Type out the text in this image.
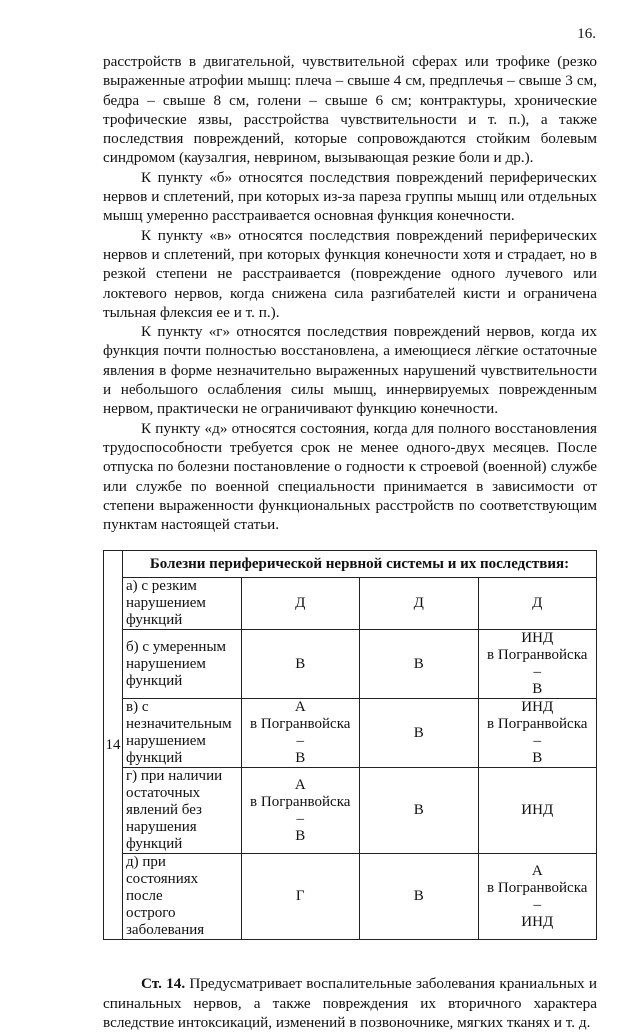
16.

расстройств в двигательной, чувствительной сферах или трофике (резко выраженные атрофии мышц: плеча – свыше 4 см, предплечья – свыше 3 см, бедра – свыше 8 см, голени – свыше 6 см; контрактуры, хронические трофические язвы, расстройства чувствительности и т. п.), а также последствия повреждений, которые сопровождаются стойким болевым синдромом (каузалгия, неврином, вызывающая резкие боли и др.).

К пункту «б» относятся последствия повреждений периферических нервов и сплетений, при которых из-за пареза группы мышц или отдельных мышц умеренно расстраивается основная функция конечности.

К пункту «в» относятся последствия повреждений периферических нервов и сплетений, при которых функция конечности хотя и страдает, но в резкой степени не расстраивается (повреждение одного лучевого или локтевого нервов, когда снижена сила разгибателей кисти и ограничена тыльная флексия ее и т. п.).

К пункту «г» относятся последствия повреждений нервов, когда их функция почти полностью восстановлена, а имеющиеся лёгкие остаточные явления в форме незначительно выраженных нарушений чувствительности и небольшого ослабления силы мышц, иннервируемых поврежденным нервом, практически не ограничивают функцию конечности.

К пункту «д» относятся состояния, когда для полного восстановления трудоспособности требуется срок не менее одного-двух месяцев. После отпуска по болезни постановление о годности к строевой (военной) службе или службе по военной специальности принимается в зависимости от степени выраженности функциональных расстройств по соответствующим пунктам настоящей статьи.

14	Болезни периферической нервной системы и их последствия:			

	а) с резким нарушением
функций	Д	Д	Д

	б) с умеренным
нарушением функций	В	В	ИНД
в Погранвойска –
В

	в) с незначительным
нарушением функций	А
в Погранвойска –
В	В	ИНД
в Погранвойска –
В

	г) при наличии
остаточных явлений без
нарушения функций	А
в Погранвойска –
В	В	ИНД

	д) при состояниях после
острого заболевания	Г	В	А
в Погранвойска –
ИНД

Ст. 14. Предусматривает воспалительные заболевания краниальных и спинальных нервов, а также повреждения их вторичного характера вследствие интоксикаций, изменений в позвоночнике, мягких тканях и т. д.
